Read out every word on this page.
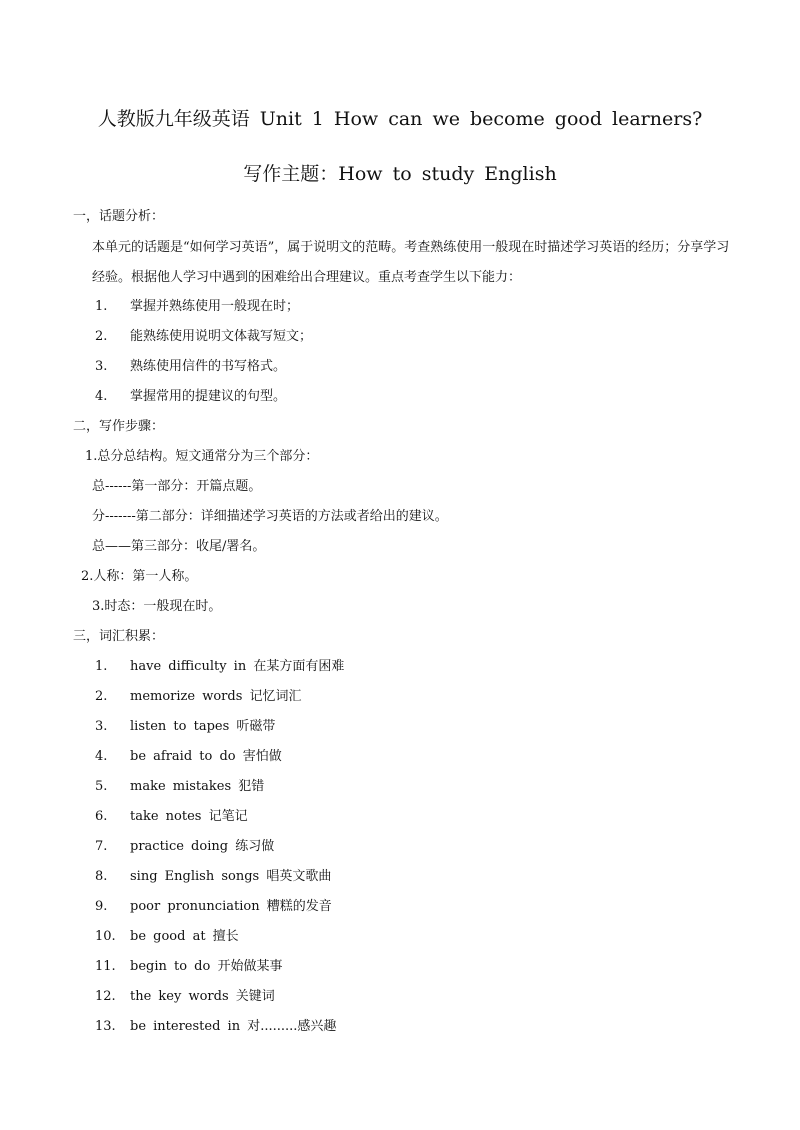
人教版九年级英语 Unit 1 How can we become good learners?
写作主题：How to study English
一，话题分析：
本单元的话题是“如何学习英语”，属于说明文的范畴。考查熟练使用一般现在时描述学习英语的经历；分享学习经验。根据他人学习中遇到的困难给出合理建议。重点考查学生以下能力：
1. 掌握并熟练使用一般现在时；
2. 能熟练使用说明文体裁写短文；
3. 熟练使用信件的书写格式。
4. 掌握常用的提建议的句型。
二，写作步骤：
1.总分总结构。短文通常分为三个部分：
总------第一部分：开篇点题。
分-------第二部分：详细描述学习英语的方法或者给出的建议。
总——第三部分：收尾/署名。
2.人称：第一人称。
3.时态：一般现在时。
三，词汇积累：
1. have difficulty in 在某方面有困难
2. memorize words 记忆词汇
3. listen to tapes 听磁带
4. be afraid to do 害怕做
5. make mistakes 犯错
6. take notes 记笔记
7. practice doing 练习做
8. sing English songs 唱英文歌曲
9. poor pronunciation 糟糕的发音
10. be good at 擅长
11. begin to do 开始做某事
12. the key words 关键词
13. be interested in 对.........感兴趣
